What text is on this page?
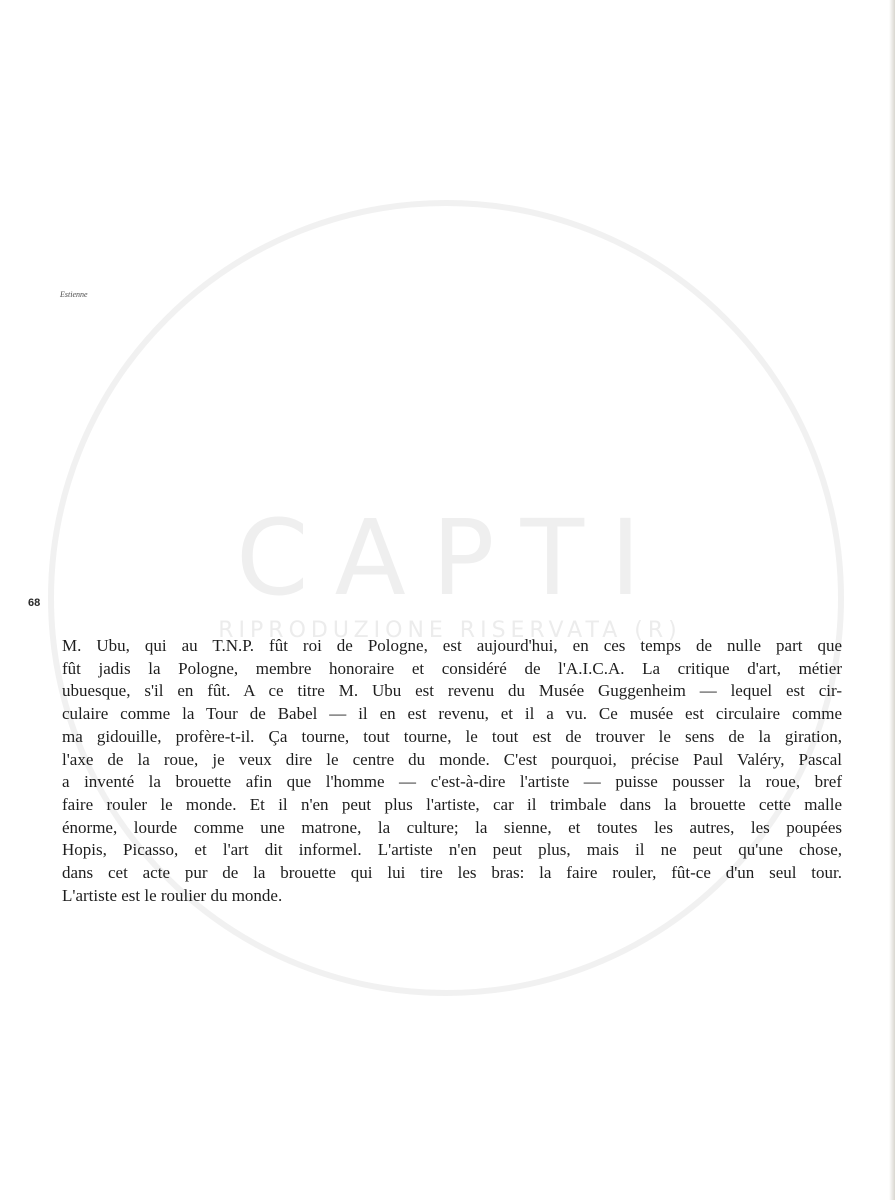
CAPTI
RIPRODUZIONE RISERVATA (R)
Estienne
68

M. Ubu, qui au T.N.P. fût roi de Pologne, est aujourd'hui, en ces temps de nulle part que
fût jadis la Pologne, membre honoraire et considéré de l'A.I.C.A. La critique d'art, métier
ubuesque, s'il en fût. A ce titre M. Ubu est revenu du Musée Guggenheim — lequel est cir-
culaire comme la Tour de Babel — il en est revenu, et il a vu. Ce musée est circulaire comme
ma gidouille, profère-t-il. Ça tourne, tout tourne, le tout est de trouver le sens de la giration,
l'axe de la roue, je veux dire le centre du monde. C'est pourquoi, précise Paul Valéry, Pascal
a inventé la brouette afin que l'homme — c'est-à-dire l'artiste — puisse pousser la roue, bref
faire rouler le monde. Et il n'en peut plus l'artiste, car il trimbale dans la brouette cette malle
énorme, lourde comme une matrone, la culture; la sienne, et toutes les autres, les poupées
Hopis, Picasso, et l'art dit informel. L'artiste n'en peut plus, mais il ne peut qu'une chose,
dans cet acte pur de la brouette qui lui tire les bras: la faire rouler, fût-ce d'un seul tour.
L'artiste est le roulier du monde.
